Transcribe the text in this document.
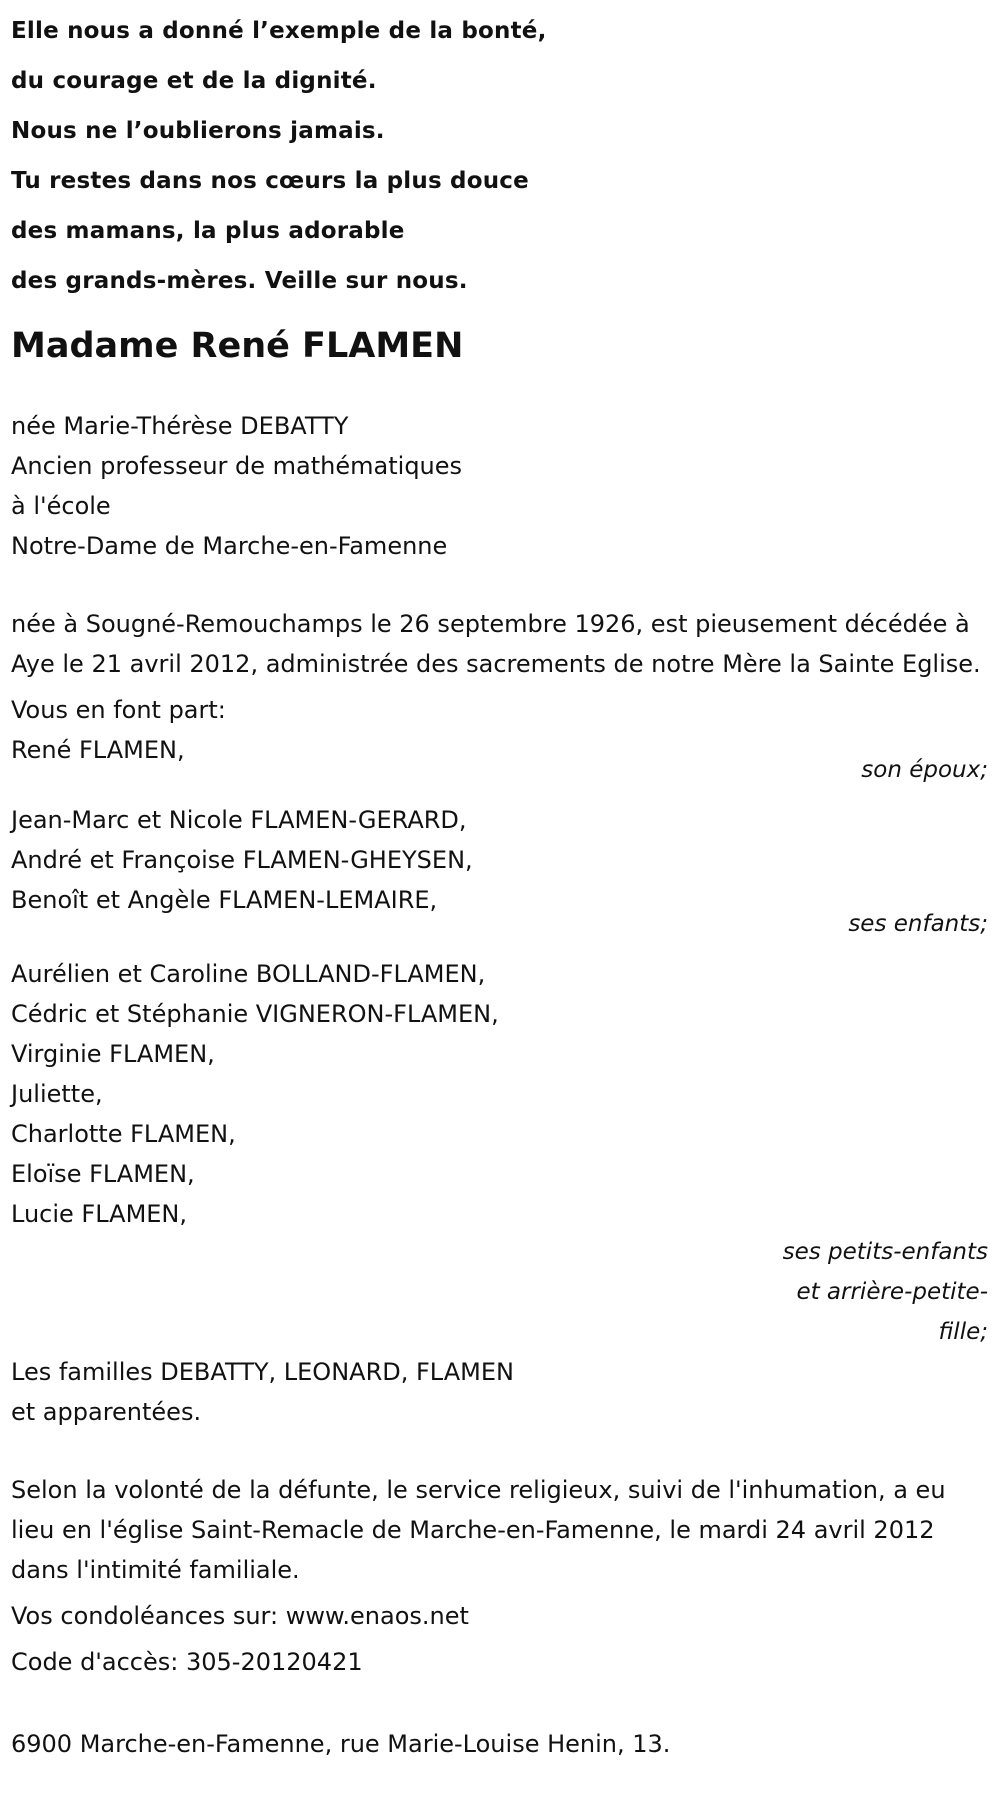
Elle nous a donné l’exemple de la bonté,
du courage et de la dignité.
Nous ne l’oublierons jamais.
Tu restes dans nos cœurs la plus douce
des mamans, la plus adorable
des grands-mères. Veille sur nous.
Madame René FLAMEN
née Marie-Thérèse DEBATTY
Ancien professeur de mathématiques
à l'école
Notre-Dame de Marche-en-Famenne
née à Sougné-Remouchamps le 26 septembre 1926, est pieusement décédée à Aye le 21 avril 2012, administrée des sacrements de notre Mère la Sainte Eglise.
Vous en font part:
René FLAMEN,
son époux;
Jean-Marc et Nicole FLAMEN-GERARD,
André et Françoise FLAMEN-GHEYSEN,
Benoît et Angèle FLAMEN-LEMAIRE,
ses enfants;
Aurélien et Caroline BOLLAND-FLAMEN,
Cédric et Stéphanie VIGNERON-FLAMEN,
Virginie FLAMEN,
Juliette,
Charlotte FLAMEN,
Eloïse FLAMEN,
Lucie FLAMEN,
ses petits-enfants
et arrière-petite-
fille;
Les familles DEBATTY, LEONARD, FLAMEN
et apparentées.
Selon la volonté de la défunte, le service religieux, suivi de l'inhumation, a eu lieu en l'église Saint-Remacle de Marche-en-Famenne, le mardi 24 avril 2012 dans l'intimité familiale.
Vos condoléances sur: www.enaos.net
Code d'accès: 305-20120421
6900 Marche-en-Famenne, rue Marie-Louise Henin, 13.
